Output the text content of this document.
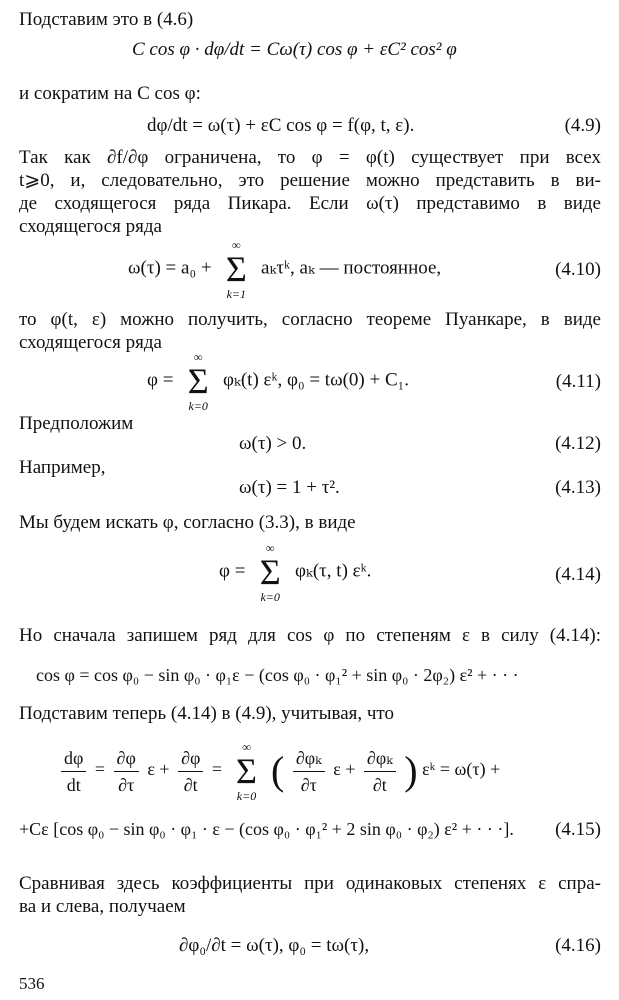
Подставим это в (4.6)
C cos φ · dφ/dt = Cω(τ) cos φ + εC² cos² φ
и сократим на C cos φ:
dφ/dt = ω(τ) + εC cos φ = f(φ, t, ε).	(4.9)
Так как ∂f/∂φ ограничена, то φ = φ(t) существует при всех
t⩾0, и, следовательно, это решение можно представить в ви-
де сходящегося ряда Пикара. Если ω(τ) представимо в виде
сходящегося ряда
ω(τ) = a₀ +
∞
Σ
k=1
aₖτᵏ, aₖ — постоянное,	(4.10)
то φ(t, ε) можно получить, согласно теореме Пуанкаре, в виде
сходящегося ряда
φ =
∞
Σ
k=0
φₖ(t) εᵏ, φ₀ = tω(0) + C₁.	(4.11)
Предположим
ω(τ) > 0.	(4.12)
Например,
ω(τ) = 1 + τ².	(4.13)
Мы будем искать φ, согласно (3.3), в виде
φ =
∞
Σ
k=0
φₖ(τ, t) εᵏ.	(4.14)
Но сначала запишем ряд для cos φ по степеням ε в силу (4.14):
cos φ = cos φ₀ − sin φ₀ · φ₁ε − (cos φ₀ · φ₁² + sin φ₀ · 2φ₂) ε² + · · ·
Подставим теперь (4.14) в (4.9), учитывая, что
$\frac{d\varphi}{dt} = \frac{\partial\varphi}{\partial\tau}$ $\varepsilon + \frac{\partial\varphi}{\partial t}$ =
∞
Σ
k=0
( $\frac{\text{∂φₖ}}{\partial\tau}$ $\varepsilon + \frac{\text{∂φₖ}}{\partial t}$ ) εᵏ = ω(τ) +
+Cε [cos φ₀ − sin φ₀ · φ₁ · ε − (cos φ₀ · φ₁² + 2 sin φ₀ · φ₂) ε² + · · ·]. (4.15)
Сравнивая здесь коэффициенты при одинаковых степенях ε спра-
ва и слева, получаем
∂φ₀/∂t = ω(τ), φ₀ = tω(τ),	(4.16)
536
